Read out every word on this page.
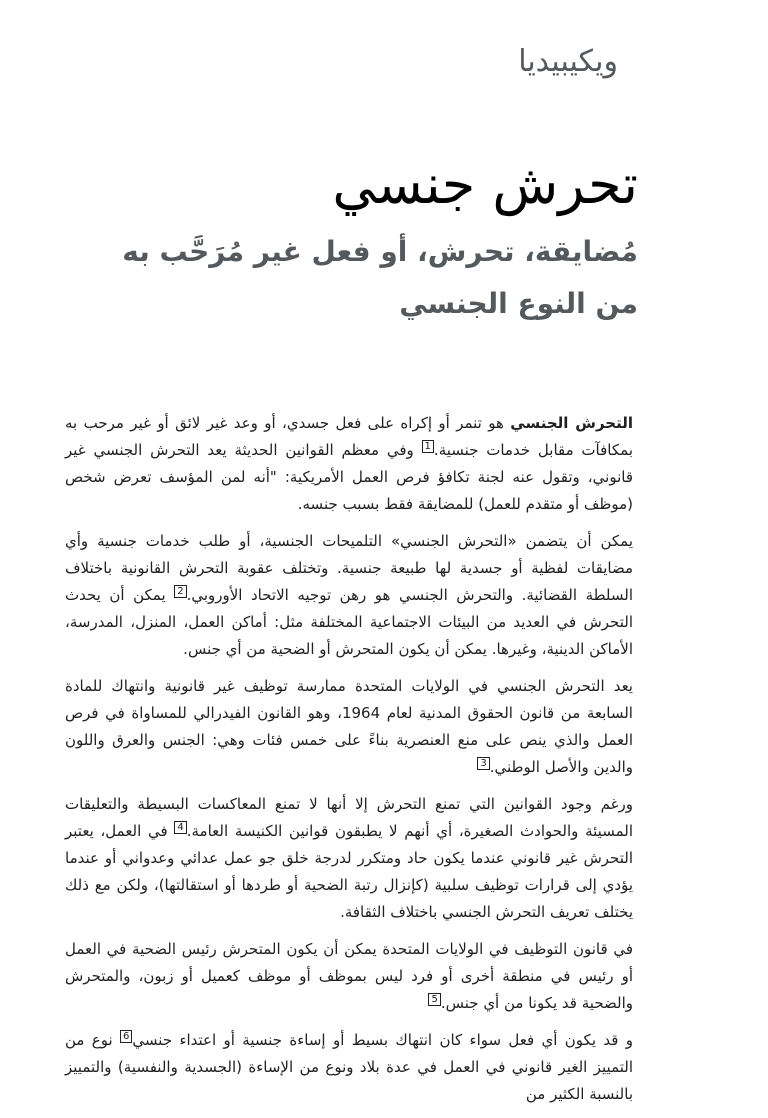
ويكيبيديا
تحرش جنسي
مُضايقة، تحرش، أو فعل غير مُرَحَّب به من النوع الجنسي

التحرش الجنسي هو تنمر أو إكراه على فعل جسدي، أو وعد غير لائق أو غير مرحب به بمكافآت مقابل خدمات جنسية.$^1$ وفي معظم القوانين الحديثة يعد التحرش الجنسي غير قانوني، وتقول عنه لجنة تكافؤ فرص العمل الأمريكية: "أنه لمن المؤسف تعرض شخص (موظف أو متقدم للعمل) للمضايقة فقط بسبب جنسه.

يمكن أن يتضمن «التحرش الجنسي» التلميحات الجنسية، أو طلب خدمات جنسية وأي مضايقات لفظية أو جسدية لها طبيعة جنسية. وتختلف عقوبة التحرش القانونية باختلاف السلطة القضائية. والتحرش الجنسي هو رهن توجيه الاتحاد الأوروبي.$^2$ يمكن أن يحدث التحرش في العديد من البيئات الاجتماعية المختلفة مثل: أماكن العمل، المنزل، المدرسة، الأماكن الدينية، وغيرها. يمكن أن يكون المتحرش أو الضحية من أي جنس.

يعد التحرش الجنسي في الولايات المتحدة ممارسة توظيف غير قانونية وانتهاك للمادة السابعة من قانون الحقوق المدنية لعام 1964، وهو القانون الفيدرالي للمساواة في فرص العمل والذي ينص على منع العنصرية بناءً على خمس فئات وهي: الجنس والعرق واللون والدين والأصل الوطني.$^3$

ورغم وجود القوانين التي تمنع التحرش إلا أنها لا تمنع المعاكسات البسيطة والتعليقات المسيئة والحوادث الصغيرة، أي أنهم لا يطبقون قوانين الكنيسة العامة.$^4$ في العمل، يعتبر التحرش غير قانوني عندما يكون حاد ومتكرر لدرجة خلق جو عمل عدائي وعدواني أو عندما يؤدي إلى قرارات توظيف سلبية (كإنزال رتبة الضحية أو طردها أو استقالتها)، ولكن مع ذلك يختلف تعريف التحرش الجنسي باختلاف الثقافة.

في قانون التوظيف في الولايات المتحدة يمكن أن يكون المتحرش رئيس الضحية في العمل أو رئيس في منطقة أخرى أو فرد ليس بموظف أو موظف كعميل أو زبون، والمتحرش والضحية قد يكونا من أي جنس.$^5$

و قد يكون أي فعل سواء كان انتهاك بسيط أو إساءة جنسية أو اعتداء جنسي$^6$ نوع من التمييز الغير قانوني في العمل في عدة بلاد ونوع من الإساءة (الجسدية والنفسية) والتمييز بالنسبة الكثير من
